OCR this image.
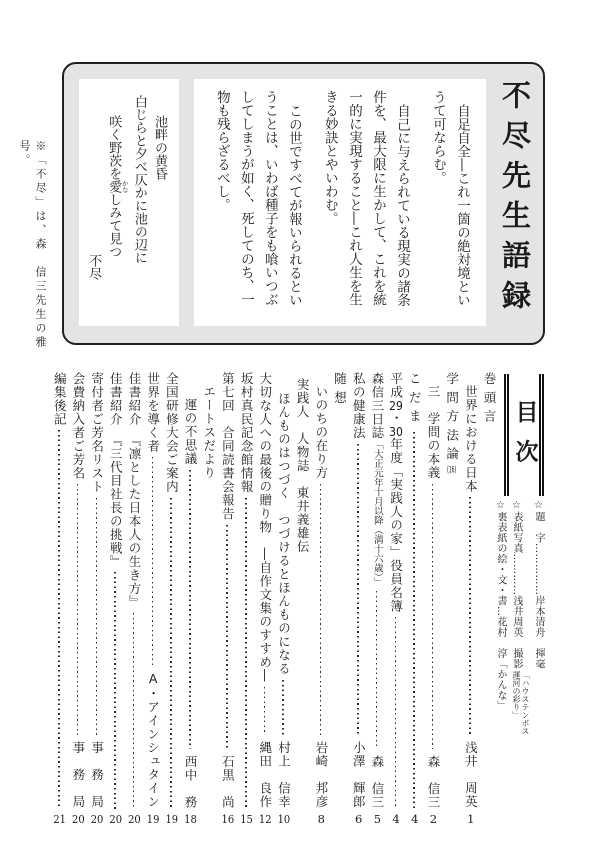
※「不尽」は、森　信三先生の雅号。	不尽先生語録

自足自全―これ一箇の絶対境というて可ならむ。

自己に与えられている現実の諸条件を、最大限に生かして、これを統一的に実現すること―これ人生を生きる妙訣とやいわむ。

この世ですべてが報いられるということは、いわば種子をも喰いつぶしてしまうが如く、死してのち、一物も残らざるべし。

池畔の黄昏
白じらと夕べ仄かに池の辺に
咲く野茨を愛 かなしみて見つ
不尽
目次
☆題　字……………岸本清舟　揮毫
☆表紙写真…………浅井周英　撮影
「ハウステンボス
運河の彩り」
☆裏表紙の絵・文・書…花村　淳「かんな」
巻頭言
世界における日本
浅井　周英
1
学問方法論(16)
三　学問の本義
森　信三
2
こだま
4
平成29・30年度「実践人の家」役員名簿
4
森信三日誌「大正元年十月以降（満十六歳）」
森　信三
5
私の健康法
小澤　輝郎
6
随想
いのちの在り方
岩崎　邦彦
8
実践人　人物誌　東井義雄伝
ほんものはつづく　つづけるとほんものになる
村上　信幸
10
大切な人への最後の贈り物　―自作文集のすすめ―
縄田　良作
12
坂村真民記念館情報
15
第七回　合同読書会報告
石黒　尚
16
エートスだより
運の不思議
西中　務
18
全国研修大会ご案内
19
世界を導く者
A・アインシュタイン
19
佳書紹介　『凛とした日本人の生き方』
20
佳書紹介　『三代目社長の挑戦』
20
寄付者ご芳名リスト
事　務　局
20
会費納入者ご芳名
事　務　局
20
編集後記
21
